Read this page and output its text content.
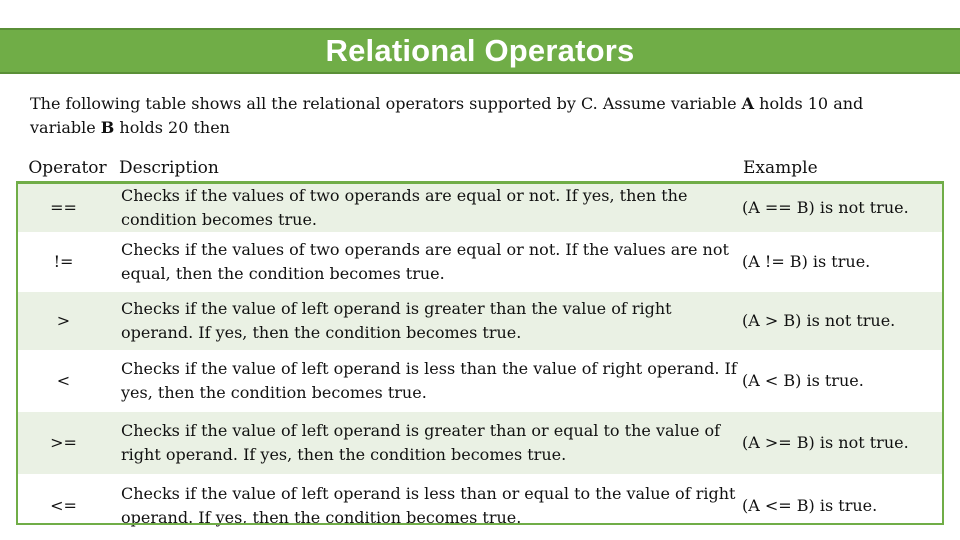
Relational Operators

The following table shows all the relational operators supported by C. Assume variable A holds 10 and variable B holds 20 then

Operator	Description	Example
==	Checks if the values of two operands are equal or not. If yes, then the condition becomes true.	(A == B) is not true.
!=	Checks if the values of two operands are equal or not. If the values are not equal, then the condition becomes true.	(A != B) is true.
>	Checks if the value of left operand is greater than the value of right operand. If yes, then the condition becomes true.	(A > B) is not true.
<	Checks if the value of left operand is less than the value of right operand. If yes, then the condition becomes true.	(A < B) is true.
>=	Checks if the value of left operand is greater than or equal to the value of right operand. If yes, then the condition becomes true.	(A >= B) is not true.
<=	Checks if the value of left operand is less than or equal to the value of right operand. If yes, then the condition becomes true.	(A <= B) is true.
